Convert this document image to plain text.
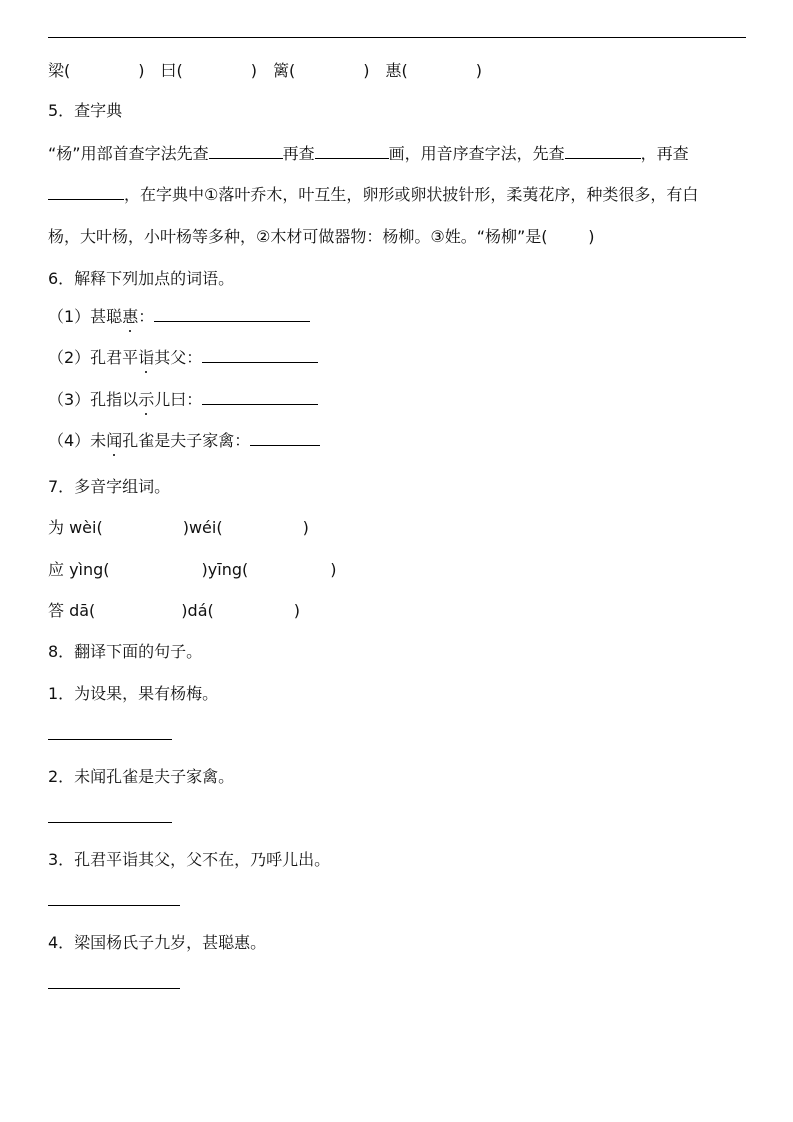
梁(	) 曰(	) 篱(	) 惠(	)
5．查字典
“杨”用部首查字法先查	再查	画，用音序查字法，先查	，再查
，在字典中①落叶乔木，叶互生，卵形或卵状披针形，柔荑花序，种类很多，有白
杨，大叶杨，小叶杨等多种，②木材可做器物：杨柳。③姓。“杨柳”是(        )
6．解释下列加点的词语。
（1）甚聪惠：
（2）孔君平诣其父：
（3）孔指以示儿曰：
（4）未闻孔雀是夫子家禽：
7．多音字组词。
为 wèi(	)wéi(	)
应 yìng(	)yīng(	)
答 dā(	)dá(	)
8．翻译下面的句子。
1．为设果，果有杨梅。
2．未闻孔雀是夫子家禽。
3．孔君平诣其父，父不在，乃呼儿出。
4．梁国杨氏子九岁，甚聪惠。
